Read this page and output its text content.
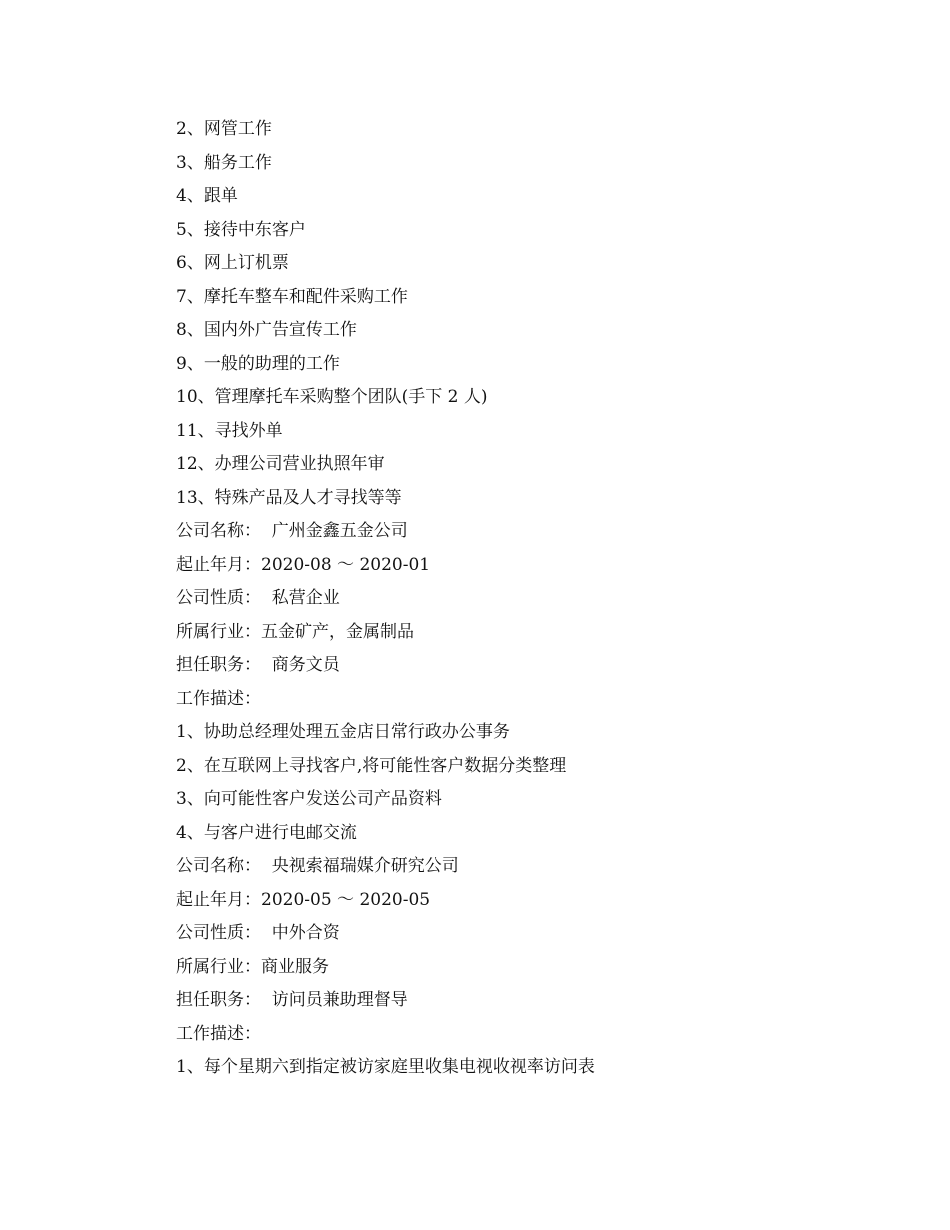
2、网管工作
3、船务工作
4、跟单
5、接待中东客户
6、网上订机票
7、摩托车整车和配件采购工作
8、国内外广告宣传工作
9、一般的助理的工作
10、管理摩托车采购整个团队(手下 2 人)
11、寻找外单
12、办理公司营业执照年审
13、特殊产品及人才寻找等等
公司名称：  广州金鑫五金公司
起止年月：2020-08 ～ 2020-01
公司性质：  私营企业
所属行业：五金矿产，金属制品
担任职务：  商务文员
工作描述：
1、协助总经理处理五金店日常行政办公事务
2、在互联网上寻找客户,将可能性客户数据分类整理
3、向可能性客户发送公司产品资料
4、与客户进行电邮交流
公司名称：  央视索福瑞媒介研究公司
起止年月：2020-05 ～ 2020-05
公司性质：  中外合资
所属行业：商业服务
担任职务：  访问员兼助理督导
工作描述：
1、每个星期六到指定被访家庭里收集电视收视率访问表
